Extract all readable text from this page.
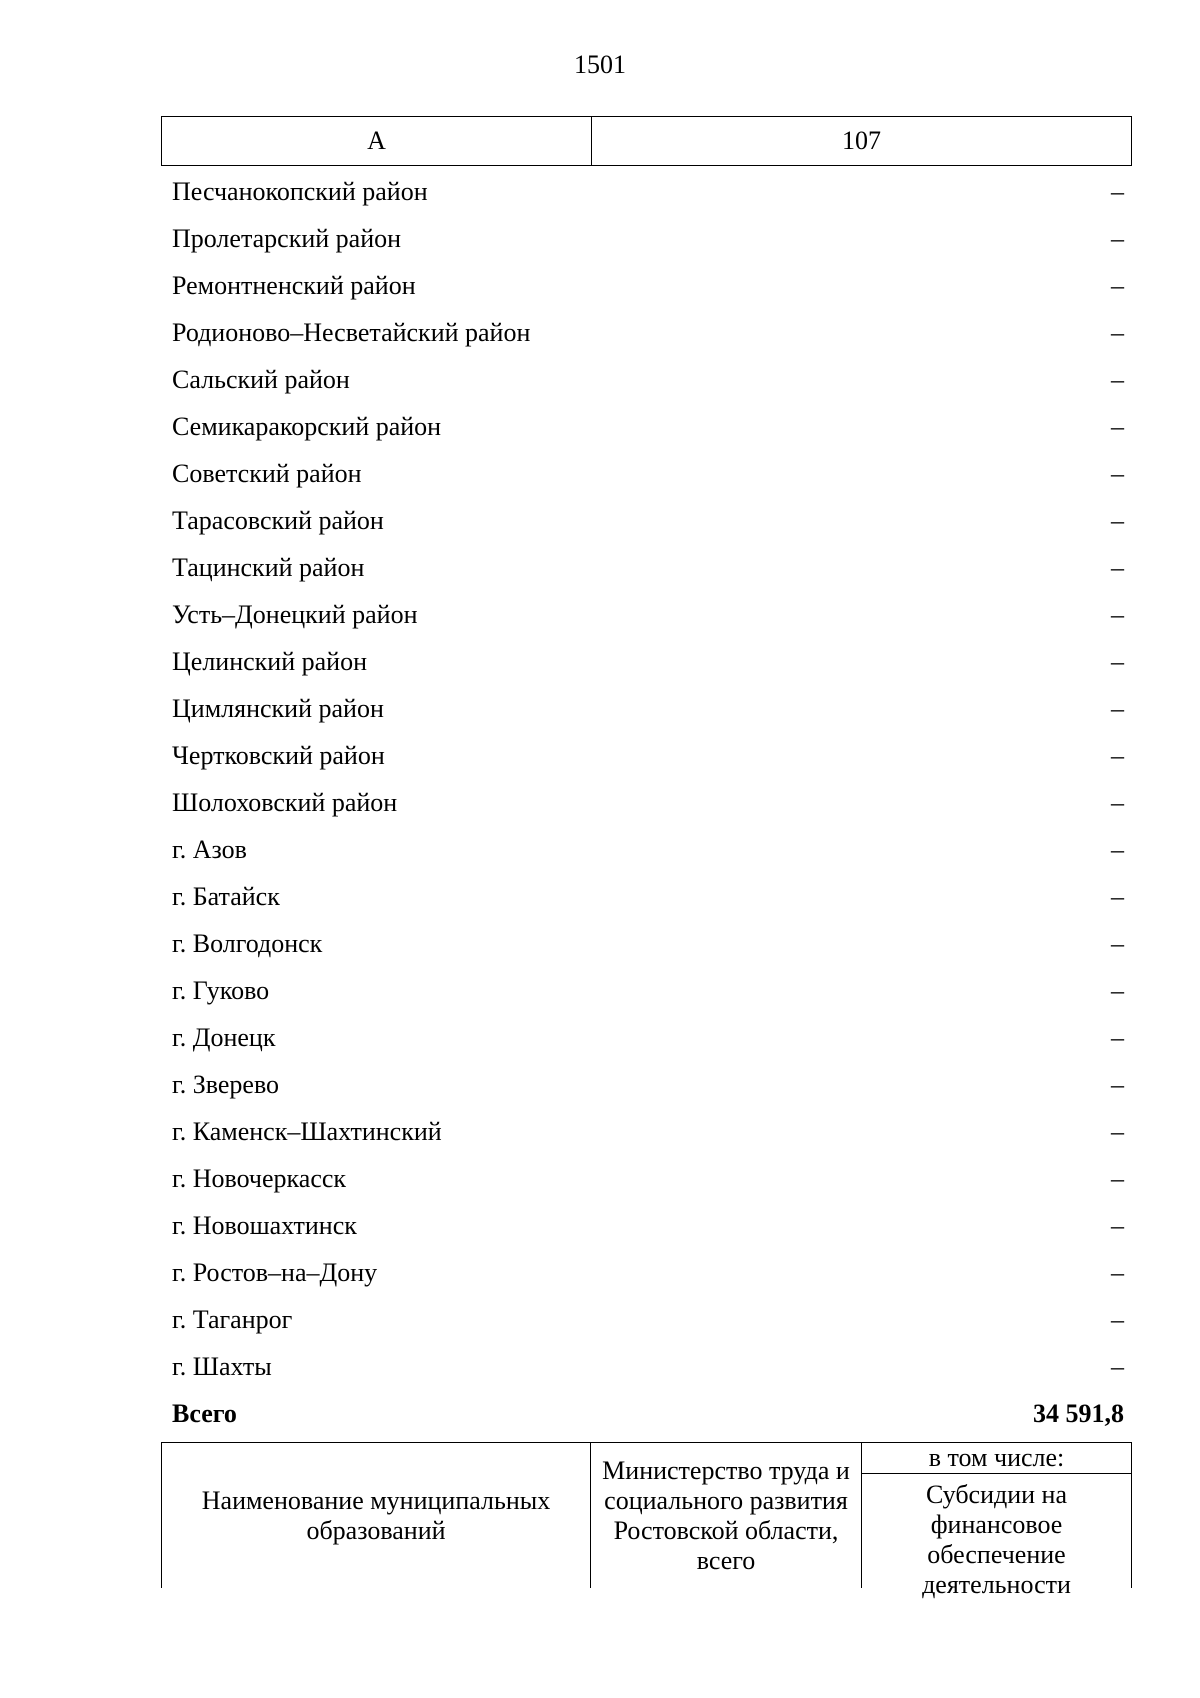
1501
А	107
Песчанокопский район	–
Пролетарский район	–
Ремонтненский район	–
Родионово–Несветайский район	–
Сальский район	–
Семикаракорский район	–
Советский район	–
Тарасовский район	–
Тацинский район	–
Усть–Донецкий район	–
Целинский район	–
Цимлянский район	–
Чертковский район	–
Шолоховский район	–
г. Азов	–
г. Батайск	–
г. Волгодонск	–
г. Гуково	–
г. Донецк	–
г. Зверево	–
г. Каменск–Шахтинский	–
г. Новочеркасск	–
г. Новошахтинск	–
г. Ростов–на–Дону	–
г. Таганрог	–
г. Шахты	–
Всего	34 591,8
Наименование муниципальных образований
Министерство труда и социального развития Ростовской области, всего
в том числе:
Субсидии на финансовое обеспечение деятельности
